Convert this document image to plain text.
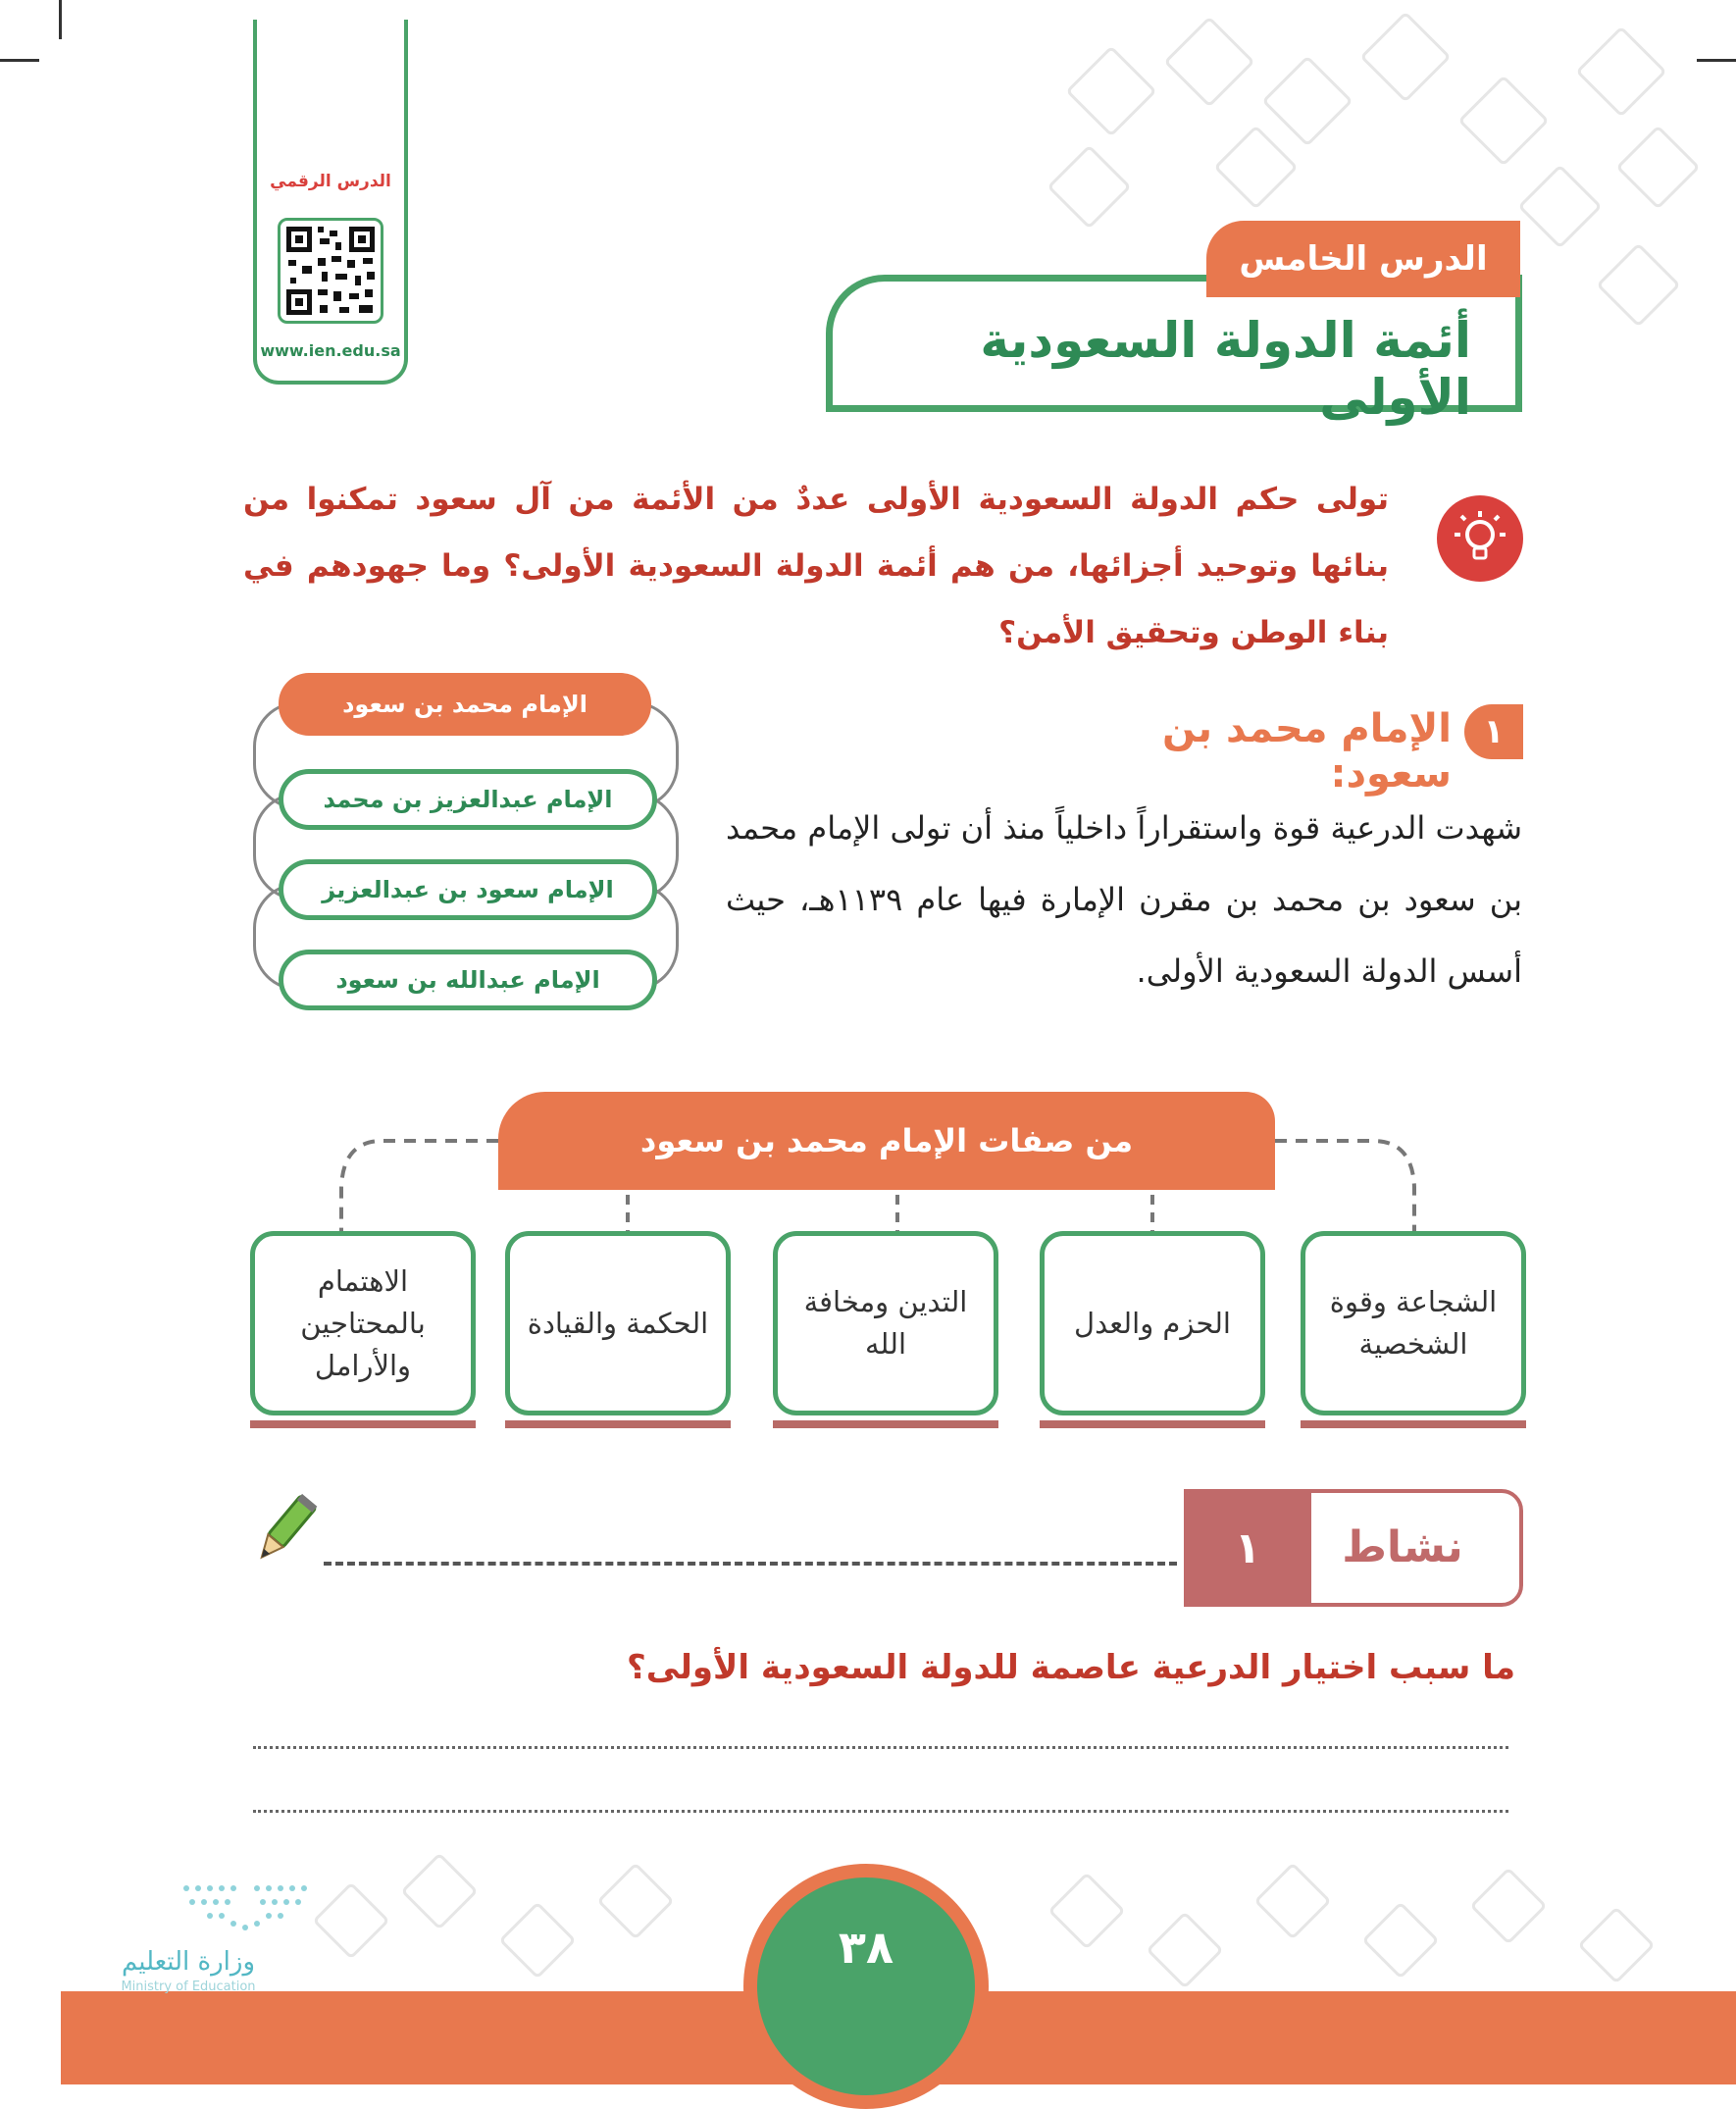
الدرس الرقمي
www.ien.edu.sa
الدرس الخامس
أئمة الدولة السعودية الأولى
تولى حكم الدولة السعودية الأولى عددٌ من الأئمة من آل سعود تمكنوا من بنائها وتوحيد أجزائها، من هم أئمة الدولة السعودية الأولى؟ وما جهودهم في بناء الوطن وتحقيق الأمن؟
١
الإمام محمد بن سعود:
شهدت الدرعية قوة واستقراراً داخلياً منذ أن تولى الإمام محمد بن سعود بن محمد بن مقرن الإمارة فيها عام ١١٣٩هـ، حيث أسس الدولة السعودية الأولى.
الإمام محمد بن سعود
الإمام عبدالعزيز بن محمد
الإمام سعود بن عبدالعزيز
الإمام عبدالله بن سعود
من صفات الإمام محمد بن سعود
الشجاعة وقوة الشخصية
الحزم والعدل
التدين ومخافة الله
الحكمة والقيادة
الاهتمام بالمحتاجين والأرامل
١	نشاط
ما سبب اختيار الدرعية عاصمة للدولة السعودية الأولى؟
٣٨
وزارة التعليم
Ministry of Education
